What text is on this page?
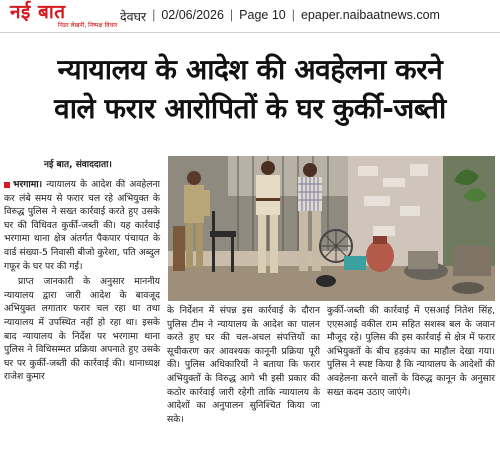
नई बात
निडर लेखनी, निष्पक्ष विचार
देवघर | 02/06/2026 | Page 10 | epaper.naibaatnews.com
न्यायालय के आदेश की अवहेलना करने
वाले फरार आरोपितों के घर कुर्की-जब्ती
नई बात, संवाददाता।

भरगामा। न्यायालय के आदेश की अवहेलना कर लंबे समय से फरार चल रहे अभियुक्त के विरुद्ध पुलिस ने सख्त कार्रवाई करते हुए उसके घर की विधिवत कुर्की-जब्ती की। यह कार्रवाई भरगामा थाना क्षेत्र अंतर्गत पैकपार पंचायत के वार्ड संख्या-5 निवासी बीजो कुरेशा, पति अब्दुल गफूर के घर पर की गई।

प्राप्त जानकारी के अनुसार माननीय न्यायालय द्वारा जारी आदेश के बावजूद अभियुक्त लगातार फरार चल रहा था तथा न्यायालय में उपस्थित नहीं हो रहा था। इसके बाद न्यायालय के निर्देश पर भरगामा थाना पुलिस ने विधिसम्मत प्रक्रिया अपनाते हुए उसके घर पर कुर्की-जब्ती की कार्रवाई की। थानाध्यक्ष राजेश कुमार

के निर्देशन में संपन्न इस कार्रवाई के दौरान पुलिस टीम ने न्यायालय के आदेश का पालन करते हुए घर की चल-अचल संपत्तियों का सूचीकरण कर आवश्यक कानूनी प्रक्रिया पूरी की। पुलिस अधिकारियों ने बताया कि फरार अभियुक्तों के विरुद्ध आगे भी इसी प्रकार की कठोर कार्रवाई जारी रहेगी ताकि न्यायालय के आदेशों का अनुपालन सुनिश्चित किया जा सके।
कुर्की-जब्ती की कार्रवाई में एसआई नितेश सिंह, एएसआई वकील राम सहित सशस्त्र बल के जवान मौजूद रहे। पुलिस की इस कार्रवाई से क्षेत्र में फरार अभियुक्तों के बीच हड़कंप का माहौल देखा गया। पुलिस ने स्पष्ट किया है कि न्यायालय के आदेशों की अवहेलना करने वालों के विरुद्ध कानून के अनुसार सख्त कदम उठाए जाएंगे।
